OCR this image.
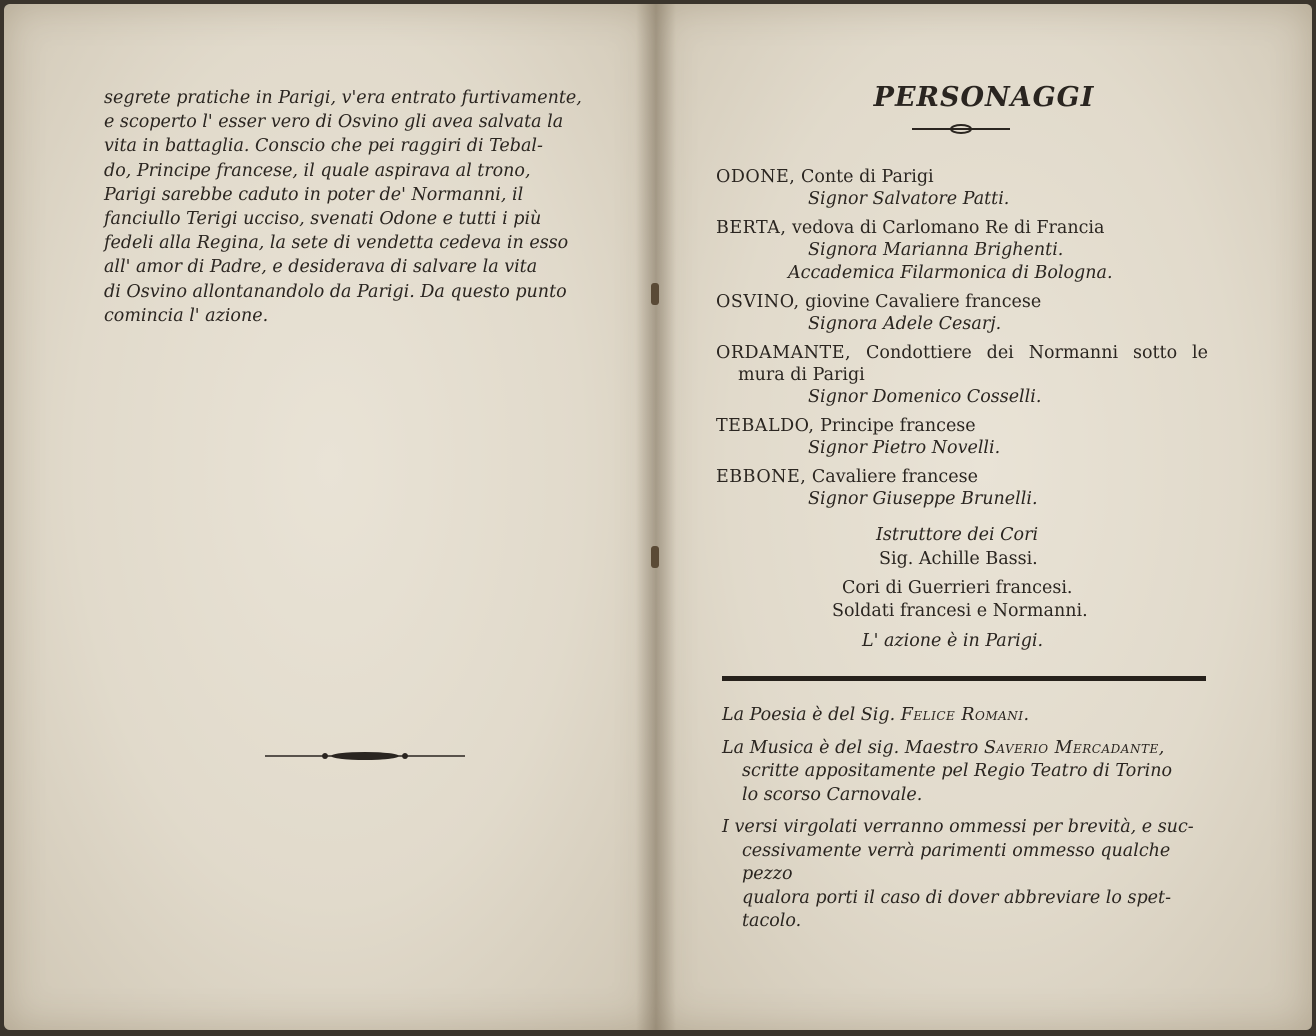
segrete pratiche in Parigi, v'era entrato furtivamente,
e scoperto l' esser vero di Osvino gli avea salvata la
vita in battaglia. Conscio che pei raggiri di Tebal-
do, Principe francese, il quale aspirava al trono,
Parigi sarebbe caduto in poter de' Normanni, il
fanciullo Terigi ucciso, svenati Odone e tutti i più
fedeli alla Regina, la sete di vendetta cedeva in esso
all' amor di Padre, e desiderava di salvare la vita
di Osvino allontanandolo da Parigi. Da questo punto
comincia l' azione.
PERSONAGGI
ODONE, Conte di Parigi
Signor Salvatore Patti.
BERTA, vedova di Carlomano Re di Francia
Signora Marianna Brighenti.
Accademica Filarmonica di Bologna.
OSVINO, giovine Cavaliere francese
Signora Adele Cesarj.
ORDAMANTE, Condottiere dei Normanni sotto le
mura di Parigi
Signor Domenico Cosselli.
TEBALDO, Principe francese
Signor Pietro Novelli.
EBBONE, Cavaliere francese
Signor Giuseppe Brunelli.
Istruttore dei Cori
Sig. Achille Bassi.
Cori di Guerrieri francesi.
Soldati francesi e Normanni.
L' azione è in Parigi.
La Poesia è del Sig. Felice Romani.
La Musica è del sig. Maestro Saverio Mercadante,
scritte appositamente pel Regio Teatro di Torino
lo scorso Carnovale.
I versi virgolati verranno ommessi per brevità, e suc-
cessivamente verrà parimenti ommesso qualche pezzo
qualora porti il caso di dover abbreviare lo spet-
tacolo.
